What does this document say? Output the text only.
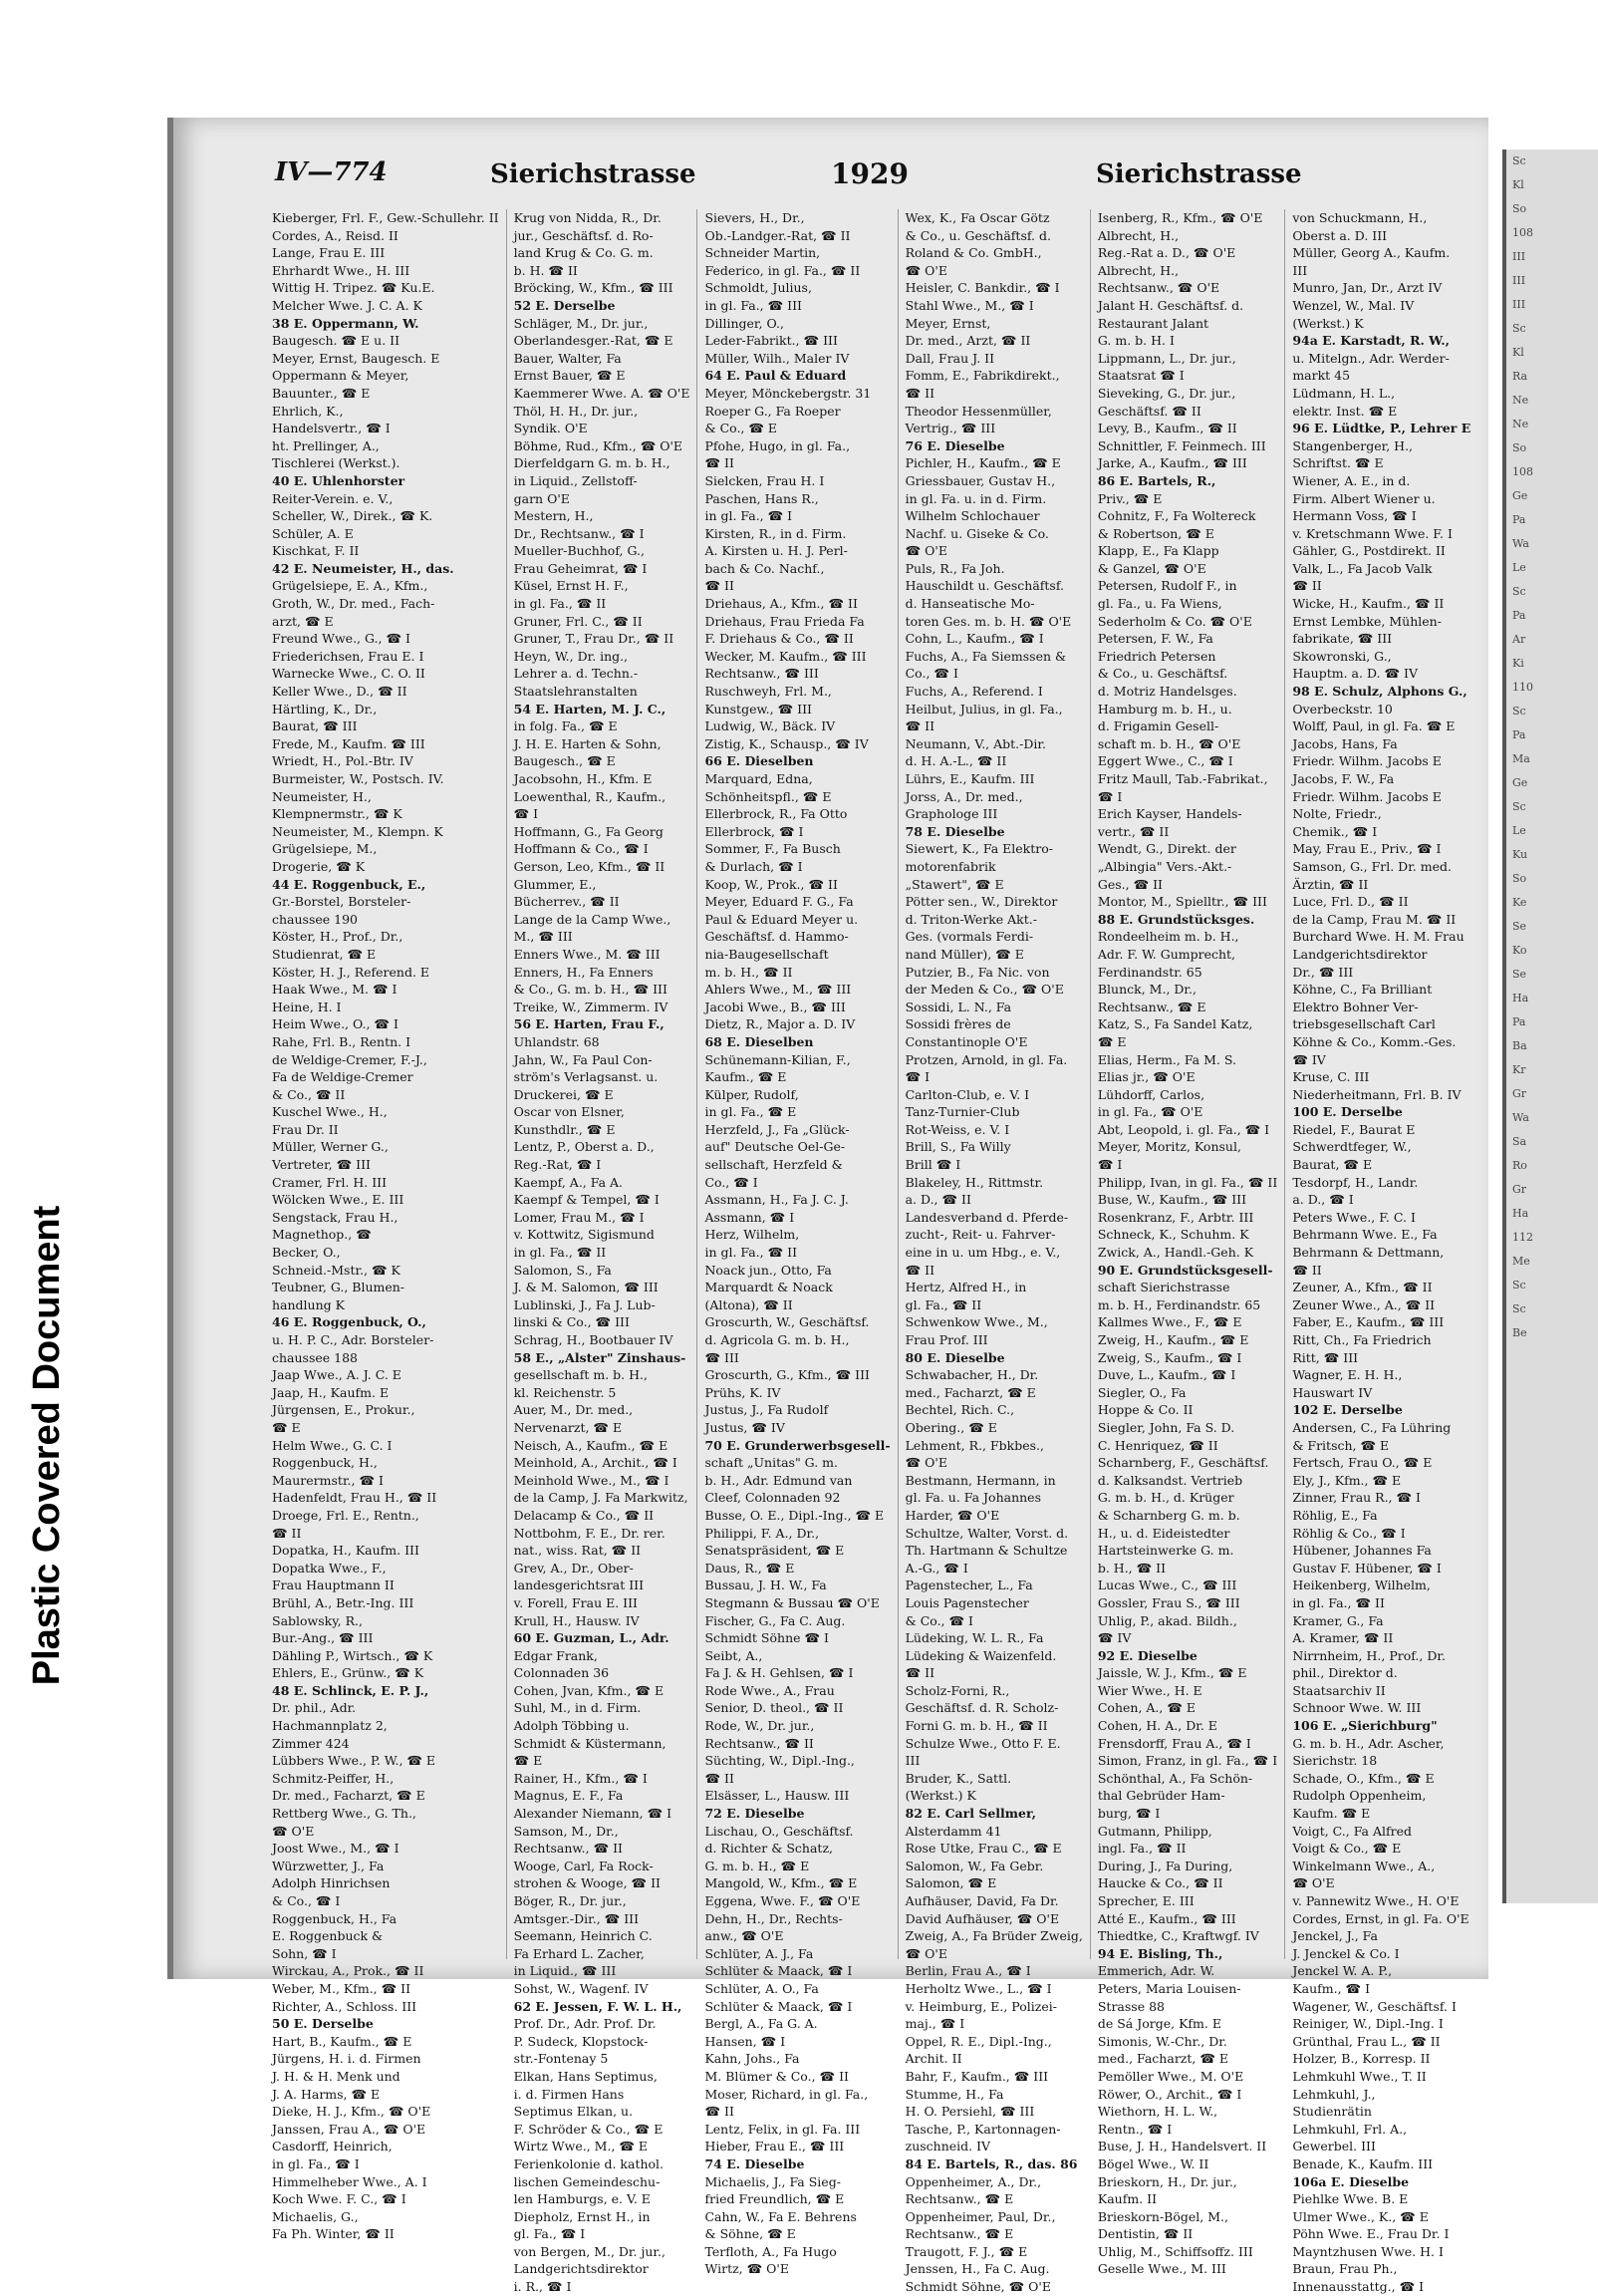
Plastic Covered Document
IV—774	Sierichstrasse	1929	Sierichstrasse
Kieberger, Frl. F., Gew.-Schullehr. II
Cordes, A., Reisd. II
Lange, Frau E. III
Ehrhardt Wwe., H. III
Wittig H. Tripez. ☎ Ku.E.
Melcher Wwe. J. C. A. K
38 E. Oppermann, W.
Baugesch. ☎ E u. II
Meyer, Ernst, Baugesch. E
Oppermann & Meyer,
Bauunter., ☎ E
Ehrlich, K.,
Handelsvertr., ☎ I
ht. Prellinger, A.,
Tischlerei (Werkst.).
40 E. Uhlenhorster
Reiter-Verein. e. V.,
Scheller, W., Direk., ☎ K.
Schüler, A. E
Kischkat, F. II
42 E. Neumeister, H., das.
Grügelsiepe, E. A., Kfm.,
Groth, W., Dr. med., Fach-
arzt, ☎ E
Freund Wwe., G., ☎ I
Friederichsen, Frau E. I
Warnecke Wwe., C. O. II
Keller Wwe., D., ☎ II
Härtling, K., Dr.,
Baurat, ☎ III
Frede, M., Kaufm. ☎ III
Wriedt, H., Pol.-Btr. IV
Burmeister, W., Postsch. IV.
Neumeister, H.,
Klempnermstr., ☎ K
Neumeister, M., Klempn. K
Grügelsiepe, M.,
Drogerie, ☎ K
44 E. Roggenbuck, E.,
Gr.-Borstel, Borsteler-
chaussee 190
Köster, H., Prof., Dr.,
Studienrat, ☎ E
Köster, H. J., Referend. E
Haak Wwe., M. ☎ I
Heine, H. I
Heim Wwe., O., ☎ I
Rahe, Frl. B., Rentn. I
de Weldige-Cremer, F.-J.,
Fa de Weldige-Cremer
& Co., ☎ II
Kuschel Wwe., H.,
Frau Dr. II
Müller, Werner G.,
Vertreter, ☎ III
Cramer, Frl. H. III
Wölcken Wwe., E. III
Sengstack, Frau H.,
Magnethop., ☎
Becker, O.,
Schneid.-Mstr., ☎ K
Teubner, G., Blumen-
handlung K
46 E. Roggenbuck, O.,
u. H. P. C., Adr. Borsteler-
chaussee 188
Jaap Wwe., A. J. C. E
Jaap, H., Kaufm. E
Jürgensen, E., Prokur.,
☎ E
Helm Wwe., G. C. I
Roggenbuck, H.,
Maurermstr., ☎ I
Hadenfeldt, Frau H., ☎ II
Droege, Frl. E., Rentn.,
☎ II
Dopatka, H., Kaufm. III
Dopatka Wwe., F.,
Frau Hauptmann II
Brühl, A., Betr.-Ing. III
Sablowsky, R.,
Bur.-Ang., ☎ III
Dähling P., Wirtsch., ☎ K
Ehlers, E., Grünw., ☎ K
48 E. Schlinck, E. P. J.,
Dr. phil., Adr.
Hachmannplatz 2,
Zimmer 424
Lübbers Wwe., P. W., ☎ E
Schmitz-Peiffer, H.,
Dr. med., Facharzt, ☎ E
Rettberg Wwe., G. Th.,
☎ O'E
Joost Wwe., M., ☎ I
Würzwetter, J., Fa
Adolph Hinrichsen
& Co., ☎ I
Roggenbuck, H., Fa
E. Roggenbuck &
Sohn, ☎ I
Wirckau, A., Prok., ☎ II
Weber, M., Kfm., ☎ II
Richter, A., Schloss. III
50 E. Derselbe
Hart, B., Kaufm., ☎ E
Jürgens, H. i. d. Firmen
J. H. & H. Menk und
J. A. Harms, ☎ E
Dieke, H. J., Kfm., ☎ O'E
Janssen, Frau A., ☎ O'E
Casdorff, Heinrich,
in gl. Fa., ☎ I
Himmelheber Wwe., A. I
Koch Wwe. F. C., ☎ I
Michaelis, G.,
Fa Ph. Winter, ☎ II
Krug von Nidda, R., Dr.
jur., Geschäftsf. d. Ro-
land Krug & Co. G. m.
b. H. ☎ II
Bröcking, W., Kfm., ☎ III
52 E. Derselbe
Schläger, M., Dr. jur.,
Oberlandesger.-Rat, ☎ E
Bauer, Walter, Fa
Ernst Bauer, ☎ E
Kaemmerer Wwe. A. ☎ O'E
Thöl, H. H., Dr. jur.,
Syndik. O'E
Böhme, Rud., Kfm., ☎ O'E
Dierfeldgarn G. m. b. H.,
in Liquid., Zellstoff-
garn O'E
Mestern, H.,
Dr., Rechtsanw., ☎ I
Mueller-Buchhof, G.,
Frau Geheimrat, ☎ I
Küsel, Ernst H. F.,
in gl. Fa., ☎ II
Gruner, Frl. C., ☎ II
Gruner, T., Frau Dr., ☎ II
Heyn, W., Dr. ing.,
Lehrer a. d. Techn.-
Staatslehranstalten
54 E. Harten, M. J. C.,
in folg. Fa., ☎ E
J. H. E. Harten & Sohn,
Baugesch., ☎ E
Jacobsohn, H., Kfm. E
Loewenthal, R., Kaufm.,
☎ I
Hoffmann, G., Fa Georg
Hoffmann & Co., ☎ I
Gerson, Leo, Kfm., ☎ II
Glummer, E.,
Bücherrev., ☎ II
Lange de la Camp Wwe.,
M., ☎ III
Enners Wwe., M. ☎ III
Enners, H., Fa Enners
& Co., G. m. b. H., ☎ III
Treike, W., Zimmerm. IV
56 E. Harten, Frau F.,
Uhlandstr. 68
Jahn, W., Fa Paul Con-
ström's Verlagsanst. u.
Druckerei, ☎ E
Oscar von Elsner,
Kunsthdlr., ☎ E
Lentz, P., Oberst a. D.,
Reg.-Rat, ☎ I
Kaempf, A., Fa A.
Kaempf & Tempel, ☎ I
Lomer, Frau M., ☎ I
v. Kottwitz, Sigismund
in gl. Fa., ☎ II
Salomon, S., Fa
J. & M. Salomon, ☎ III
Lublinski, J., Fa J. Lub-
linski & Co., ☎ III
Schrag, H., Bootbauer IV
58 E., „Alster" Zinshaus-
gesellschaft m. b. H.,
kl. Reichenstr. 5
Auer, M., Dr. med.,
Nervenarzt, ☎ E
Neisch, A., Kaufm., ☎ E
Meinhold, A., Archit., ☎ I
Meinhold Wwe., M., ☎ I
de la Camp, J. Fa Markwitz,
Delacamp & Co., ☎ II
Nottbohm, F. E., Dr. rer.
nat., wiss. Rat, ☎ II
Grev, A., Dr., Ober-
landesgerichtsrat III
v. Forell, Frau E. III
Krull, H., Hausw. IV
60 E. Guzman, L., Adr.
Edgar Frank,
Colonnaden 36
Cohen, Jvan, Kfm., ☎ E
Suhl, M., in d. Firm.
Adolph Többing u.
Schmidt & Küstermann,
☎ E
Rainer, H., Kfm., ☎ I
Magnus, E. F., Fa
Alexander Niemann, ☎ I
Samson, M., Dr.,
Rechtsanw., ☎ II
Wooge, Carl, Fa Rock-
strohen & Wooge, ☎ II
Böger, R., Dr. jur.,
Amtsger.-Dir., ☎ III
Seemann, Heinrich C.
Fa Erhard L. Zacher,
in Liquid., ☎ III
Sohst, W., Wagenf. IV
62 E. Jessen, F. W. L. H.,
Prof. Dr., Adr. Prof. Dr.
P. Sudeck, Klopstock-
str.-Fontenay 5
Elkan, Hans Septimus,
i. d. Firmen Hans
Septimus Elkan, u.
F. Schröder & Co., ☎ E
Wirtz Wwe., M., ☎ E
Ferienkolonie d. kathol.
lischen Gemeindeschu-
len Hamburgs, e. V. E
Diepholz, Ernst H., in
gl. Fa., ☎ I
von Bergen, M., Dr. jur.,
Landgerichtsdirektor
i. R., ☎ I
Sievers, H., Dr.,
Ob.-Landger.-Rat, ☎ II
Schneider Martin,
Federico, in gl. Fa., ☎ II
Schmoldt, Julius,
in gl. Fa., ☎ III
Dillinger, O.,
Leder-Fabrikt., ☎ III
Müller, Wilh., Maler IV
64 E. Paul & Eduard
Meyer, Mönckebergstr. 31
Roeper G., Fa Roeper
& Co., ☎ E
Pfohe, Hugo, in gl. Fa.,
☎ II
Sielcken, Frau H. I
Paschen, Hans R.,
in gl. Fa., ☎ I
Kirsten, R., in d. Firm.
A. Kirsten u. H. J. Perl-
bach & Co. Nachf.,
☎ II
Driehaus, A., Kfm., ☎ II
Driehaus, Frau Frieda Fa
F. Driehaus & Co., ☎ II
Wecker, M. Kaufm., ☎ III
Rechtsanw., ☎ III
Ruschweyh, Frl. M.,
Kunstgew., ☎ III
Ludwig, W., Bäck. IV
Zistig, K., Schausp., ☎ IV
66 E. Dieselben
Marquard, Edna,
Schönheitspfl., ☎ E
Ellerbrock, R., Fa Otto
Ellerbrock, ☎ I
Sommer, F., Fa Busch
& Durlach, ☎ I
Koop, W., Prok., ☎ II
Meyer, Eduard F. G., Fa
Paul & Eduard Meyer u.
Geschäftsf. d. Hammo-
nia-Baugesellschaft
m. b. H., ☎ II
Ahlers Wwe., M., ☎ III
Jacobi Wwe., B., ☎ III
Dietz, R., Major a. D. IV
68 E. Dieselben
Schünemann-Kilian, F.,
Kaufm., ☎ E
Külper, Rudolf,
in gl. Fa., ☎ E
Herzfeld, J., Fa „Glück-
auf" Deutsche Oel-Ge-
sellschaft, Herzfeld &
Co., ☎ I
Assmann, H., Fa J. C. J.
Assmann, ☎ I
Herz, Wilhelm,
in gl. Fa., ☎ II
Noack jun., Otto, Fa
Marquardt & Noack
(Altona), ☎ II
Groscurth, W., Geschäftsf.
d. Agricola G. m. b. H.,
☎ III
Groscurth, G., Kfm., ☎ III
Prühs, K. IV
Justus, J., Fa Rudolf
Justus, ☎ IV
70 E. Grunderwerbsgesell-
schaft „Unitas" G. m.
b. H., Adr. Edmund van
Cleef, Colonnaden 92
Busse, O. E., Dipl.-Ing., ☎ E
Philippi, F. A., Dr.,
Senatspräsident, ☎ E
Daus, R., ☎ E
Bussau, J. H. W., Fa
Stegmann & Bussau ☎ O'E
Fischer, G., Fa C. Aug.
Schmidt Söhne ☎ I
Seibt, A.,
Fa J. & H. Gehlsen, ☎ I
Rode Wwe., A., Frau
Senior, D. theol., ☎ II
Rode, W., Dr. jur.,
Rechtsanw., ☎ II
Süchting, W., Dipl.-Ing.,
☎ II
Elsässer, L., Hausw. III
72 E. Dieselbe
Lischau, O., Geschäftsf.
d. Richter & Schatz,
G. m. b. H., ☎ E
Mangold, W., Kfm., ☎ E
Eggena, Wwe. F., ☎ O'E
Dehn, H., Dr., Rechts-
anw., ☎ O'E
Schlüter, A. J., Fa
Schlüter & Maack, ☎ I
Schlüter, A. O., Fa
Schlüter & Maack, ☎ I
Bergl, A., Fa G. A.
Hansen, ☎ I
Kahn, Johs., Fa
M. Blümer & Co., ☎ II
Moser, Richard, in gl. Fa.,
☎ II
Lentz, Felix, in gl. Fa. III
Hieber, Frau E., ☎ III
74 E. Dieselbe
Michaelis, J., Fa Sieg-
fried Freundlich, ☎ E
Cahn, W., Fa E. Behrens
& Söhne, ☎ E
Terfloth, A., Fa Hugo
Wirtz, ☎ O'E
Wex, K., Fa Oscar Götz
& Co., u. Geschäftsf. d.
Roland & Co. GmbH.,
☎ O'E
Heisler, C. Bankdir., ☎ I
Stahl Wwe., M., ☎ I
Meyer, Ernst,
Dr. med., Arzt, ☎ II
Dall, Frau J. II
Fomm, E., Fabrikdirekt.,
☎ II
Theodor Hessenmüller,
Vertrig., ☎ III
76 E. Dieselbe
Pichler, H., Kaufm., ☎ E
Griessbauer, Gustav H.,
in gl. Fa. u. in d. Firm.
Wilhelm Schlochauer
Nachf. u. Giseke & Co.
☎ O'E
Puls, R., Fa Joh.
Hauschildt u. Geschäftsf.
d. Hanseatische Mo-
toren Ges. m. b. H. ☎ O'E
Cohn, L., Kaufm., ☎ I
Fuchs, A., Fa Siemssen &
Co., ☎ I
Fuchs, A., Referend. I
Heilbut, Julius, in gl. Fa.,
☎ II
Neumann, V., Abt.-Dir.
d. H. A.-L., ☎ II
Lührs, E., Kaufm. III
Jorss, A., Dr. med.,
Graphologe III
78 E. Dieselbe
Siewert, K., Fa Elektro-
motorenfabrik
„Stawert", ☎ E
Pötter sen., W., Direktor
d. Triton-Werke Akt.-
Ges. (vormals Ferdi-
nand Müller), ☎ E
Putzier, B., Fa Nic. von
der Meden & Co., ☎ O'E
Sossidi, L. N., Fa
Sossidi frères de
Constantinople O'E
Protzen, Arnold, in gl. Fa.
☎ I
Carlton-Club, e. V. I
Tanz-Turnier-Club
Rot-Weiss, e. V. I
Brill, S., Fa Willy
Brill ☎ I
Blakeley, H., Rittmstr.
a. D., ☎ II
Landesverband d. Pferde-
zucht-, Reit- u. Fahrver-
eine in u. um Hbg., e. V.,
☎ II
Hertz, Alfred H., in
gl. Fa., ☎ II
Schwenkow Wwe., M.,
Frau Prof. III
80 E. Dieselbe
Schwabacher, H., Dr.
med., Facharzt, ☎ E
Bechtel, Rich. C.,
Obering., ☎ E
Lehment, R., Fbkbes.,
☎ O'E
Bestmann, Hermann, in
gl. Fa. u. Fa Johannes
Harder, ☎ O'E
Schultze, Walter, Vorst. d.
Th. Hartmann & Schultze
A.-G., ☎ I
Pagenstecher, L., Fa
Louis Pagenstecher
& Co., ☎ I
Lüdeking, W. L. R., Fa
Lüdeking & Waizenfeld.
☎ II
Scholz-Forni, R.,
Geschäftsf. d. R. Scholz-
Forni G. m. b. H., ☎ II
Schulze Wwe., Otto F. E.
III
Bruder, K., Sattl.
(Werkst.) K
82 E. Carl Sellmer,
Alsterdamm 41
Rose Utke, Frau C., ☎ E
Salomon, W., Fa Gebr.
Salomon, ☎ E
Aufhäuser, David, Fa Dr.
David Aufhäuser, ☎ O'E
Zweig, A., Fa Brüder Zweig,
☎ O'E
Berlin, Frau A., ☎ I
Herholtz Wwe., L., ☎ I
v. Heimburg, E., Polizei-
maj., ☎ I
Oppel, R. E., Dipl.-Ing.,
Archit. II
Bahr, F., Kaufm., ☎ III
Stumme, H., Fa
H. O. Persiehl, ☎ III
Tasche, P., Kartonnagen-
zuschneid. IV
84 E. Bartels, R., das. 86
Oppenheimer, A., Dr.,
Rechtsanw., ☎ E
Oppenheimer, Paul, Dr.,
Rechtsanw., ☎ E
Traugott, F. J., ☎ E
Jenssen, H., Fa C. Aug.
Schmidt Söhne, ☎ O'E
Isenberg, R., Kfm., ☎ O'E
Albrecht, H.,
Reg.-Rat a. D., ☎ O'E
Albrecht, H.,
Rechtsanw., ☎ O'E
Jalant H. Geschäftsf. d.
Restaurant Jalant
G. m. b. H. I
Lippmann, L., Dr. jur.,
Staatsrat ☎ I
Sieveking, G., Dr. jur.,
Geschäftsf. ☎ II
Levy, B., Kaufm., ☎ II
Schnittler, F. Feinmech. III
Jarke, A., Kaufm., ☎ III
86 E. Bartels, R.,
Priv., ☎ E
Cohnitz, F., Fa Woltereck
& Robertson, ☎ E
Klapp, E., Fa Klapp
& Ganzel, ☎ O'E
Petersen, Rudolf F., in
gl. Fa., u. Fa Wiens,
Sederholm & Co. ☎ O'E
Petersen, F. W., Fa
Friedrich Petersen
& Co., u. Geschäftsf.
d. Motriz Handelsges.
Hamburg m. b. H., u.
d. Frigamin Gesell-
schaft m. b. H., ☎ O'E
Eggert Wwe., C., ☎ I
Fritz Maull, Tab.-Fabrikat.,
☎ I
Erich Kayser, Handels-
vertr., ☎ II
Wendt, G., Direkt. der
„Albingia" Vers.-Akt.-
Ges., ☎ II
Montor, M., Spielltr., ☎ III
88 E. Grundstücksges.
Rondeelheim m. b. H.,
Adr. F. W. Gumprecht,
Ferdinandstr. 65
Blunck, M., Dr.,
Rechtsanw., ☎ E
Katz, S., Fa Sandel Katz,
☎ E
Elias, Herm., Fa M. S.
Elias jr., ☎ O'E
Lühdorff, Carlos,
in gl. Fa., ☎ O'E
Abt, Leopold, i. gl. Fa., ☎ I
Meyer, Moritz, Konsul,
☎ I
Philipp, Ivan, in gl. Fa., ☎ II
Buse, W., Kaufm., ☎ III
Rosenkranz, F., Arbtr. III
Schneck, K., Schuhm. K
Zwick, A., Handl.-Geh. K
90 E. Grundstücksgesell-
schaft Sierichstrasse
m. b. H., Ferdinandstr. 65
Kallmes Wwe., F., ☎ E
Zweig, H., Kaufm., ☎ E
Zweig, S., Kaufm., ☎ I
Duve, L., Kaufm., ☎ I
Siegler, O., Fa
Hoppe & Co. II
Siegler, John, Fa S. D.
C. Henriquez, ☎ II
Scharnberg, F., Geschäftsf.
d. Kalksandst. Vertrieb
G. m. b. H., d. Krüger
& Scharnberg G. m. b.
H., u. d. Eideistedter
Hartsteinwerke G. m.
b. H., ☎ II
Lucas Wwe., C., ☎ III
Gossler, Frau S., ☎ III
Uhlig, P., akad. Bildh.,
☎ IV
92 E. Dieselbe
Jaissle, W. J., Kfm., ☎ E
Wier Wwe., H. E
Cohen, A., ☎ E
Cohen, H. A., Dr. E
Frensdorff, Frau A., ☎ I
Simon, Franz, in gl. Fa., ☎ I
Schönthal, A., Fa Schön-
thal Gebrüder Ham-
burg, ☎ I
Gutmann, Philipp,
ingl. Fa., ☎ II
During, J., Fa During,
Haucke & Co., ☎ II
Sprecher, E. III
Atté E., Kaufm., ☎ III
Thiedtke, C., Kraftwgf. IV
94 E. Bisling, Th.,
Emmerich, Adr. W.
Peters, Maria Louisen-
Strasse 88
de Sá Jorge, Kfm. E
Simonis, W.-Chr., Dr.
med., Facharzt, ☎ E
Pemöller Wwe., M. O'E
Röwer, O., Archit., ☎ I
Wiethorn, H. L. W.,
Rentn., ☎ I
Buse, J. H., Handelsvert. II
Bögel Wwe., W. II
Brieskorn, H., Dr. jur.,
Kaufm. II
Brieskorn-Bögel, M.,
Dentistin, ☎ II
Uhlig, M., Schiffsoffz. III
Geselle Wwe., M. III
von Schuckmann, H.,
Oberst a. D. III
Müller, Georg A., Kaufm.
III
Munro, Jan, Dr., Arzt IV
Wenzel, W., Mal. IV
(Werkst.) K
94a E. Karstadt, R. W.,
u. Mitelgn., Adr. Werder-
markt 45
Lüdmann, H. L.,
elektr. Inst. ☎ E
96 E. Lüdtke, P., Lehrer E
Stangenberger, H.,
Schriftst. ☎ E
Wiener, A. E., in d.
Firm. Albert Wiener u.
Hermann Voss, ☎ I
v. Kretschmann Wwe. F. I
Gähler, G., Postdirekt. II
Valk, L., Fa Jacob Valk
☎ II
Wicke, H., Kaufm., ☎ II
Ernst Lembke, Mühlen-
fabrikate, ☎ III
Skowronski, G.,
Hauptm. a. D. ☎ IV
98 E. Schulz, Alphons G.,
Overbeckstr. 10
Wolff, Paul, in gl. Fa. ☎ E
Jacobs, Hans, Fa
Friedr. Wilhm. Jacobs E
Jacobs, F. W., Fa
Friedr. Wilhm. Jacobs E
Nolte, Friedr.,
Chemik., ☎ I
May, Frau E., Priv., ☎ I
Samson, G., Frl. Dr. med.
Ärztin, ☎ II
Luce, Frl. D., ☎ II
de la Camp, Frau M. ☎ II
Burchard Wwe. H. M. Frau
Landgerichtsdirektor
Dr., ☎ III
Köhne, C., Fa Brilliant
Elektro Bohner Ver-
triebsgesellschaft Carl
Köhne & Co., Komm.-Ges.
☎ IV
Kruse, C. III
Niederheitmann, Frl. B. IV
100 E. Derselbe
Riedel, F., Baurat E
Schwerdtfeger, W.,
Baurat, ☎ E
Tesdorpf, H., Landr.
a. D., ☎ I
Peters Wwe., F. C. I
Behrmann Wwe. E., Fa
Behrmann & Dettmann,
☎ II
Zeuner, A., Kfm., ☎ II
Zeuner Wwe., A., ☎ II
Faber, E., Kaufm., ☎ III
Ritt, Ch., Fa Friedrich
Ritt, ☎ III
Wagner, E. H. H.,
Hauswart IV
102 E. Derselbe
Andersen, C., Fa Lühring
& Fritsch, ☎ E
Fertsch, Frau O., ☎ E
Ely, J., Kfm., ☎ E
Zinner, Frau R., ☎ I
Röhlig, E., Fa
Röhlig & Co., ☎ I
Hübener, Johannes Fa
Gustav F. Hübener, ☎ I
Heikenberg, Wilhelm,
in gl. Fa., ☎ II
Kramer, G., Fa
A. Kramer, ☎ II
Nirrnheim, H., Prof., Dr.
phil., Direktor d.
Staatsarchiv II
Schnoor Wwe. W. III
106 E. „Sierichburg"
G. m. b. H., Adr. Ascher,
Sierichstr. 18
Schade, O., Kfm., ☎ E
Rudolph Oppenheim,
Kaufm. ☎ E
Voigt, C., Fa Alfred
Voigt & Co., ☎ E
Winkelmann Wwe., A.,
☎ O'E
v. Pannewitz Wwe., H. O'E
Cordes, Ernst, in gl. Fa. O'E
Jenckel, J., Fa
J. Jenckel & Co. I
Jenckel W. A. P.,
Kaufm., ☎ I
Wagener, W., Geschäftsf. I
Reiniger, W., Dipl.-Ing. I
Grünthal, Frau L., ☎ II
Holzer, B., Korresp. II
Lehmkuhl Wwe., T. II
Lehmkuhl, J.,
Studienrätin
Lehmkuhl, Frl. A.,
Gewerbel. III
Benade, K., Kaufm. III
106a E. Dieselbe
Piehlke Wwe. B. E
Ulmer Wwe., K., ☎ E
Pöhn Wwe. E., Frau Dr. I
Mayntzhusen Wwe. H. I
Braun, Frau Ph.,
Innenausstattg., ☎ I
Sc
Kl
So
108
III
III
III
Sc
Kl
Ra
Ne
Ne
So
108
Ge
Pa
Wa
Le
Sc
Pa
Ar
Ki
110
Sc
Pa
Ma
Ge
Sc
Le
Ku
So
Ke
Se
Ko
Se
Ha
Pa
Ba
Kr
Gr
Wa
Sa
Ro
Gr
Ha
112
Me
Sc
Sc
Be
